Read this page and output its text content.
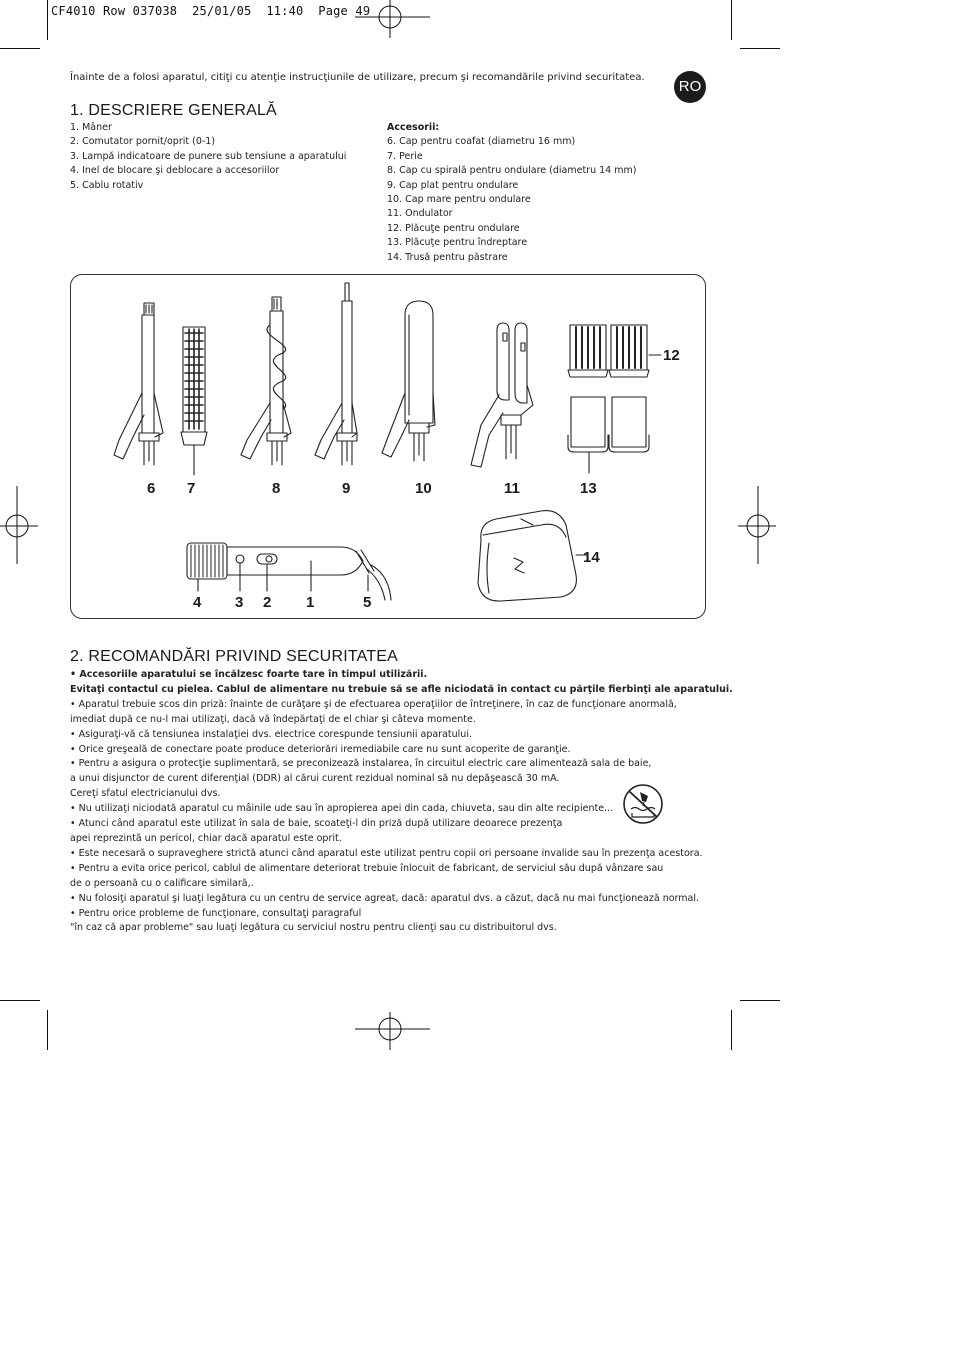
CF4010 Row 037038  25/01/05  11:40  Page 49
Înainte de a folosi aparatul, citiţi cu atenţie instrucţiunile de utilizare, precum şi recomandările privind securitatea.
RO
1. DESCRIERE GENERALĂ
1. Mâner
2. Comutator pornit/oprit (0-1)
3. Lampă indicatoare de punere sub tensiune a aparatului
4. Inel de blocare şi deblocare a accesoriilor
5. Cablu rotativ
Accesorii:
6. Cap pentru coafat (diametru 16 mm)
7. Perie
8. Cap cu spirală pentru ondulare (diametru 14 mm)
9. Cap plat pentru ondulare
10. Cap mare pentru ondulare
11. Ondulator
12. Plăcuţe pentru ondulare
13. Plăcuţe pentru îndreptare
14. Trusă pentru păstrare
6 7	8	9	10	11
12
13
14
4 3 2 1	5
2. RECOMANDĂRI PRIVIND SECURITATEA

• Accesoriile aparatului se încălzesc foarte tare în timpul utilizării.

Evitaţi contactul cu pielea. Cablul de alimentare nu trebuie să se afle niciodată în contact cu părţile fierbinţi ale aparatului.

• Aparatul trebuie scos din priză: înainte de curăţare şi de efectuarea operaţiilor de întreţinere, în caz de funcţionare anormală,

imediat după ce nu-l mai utilizaţi, dacă vă îndepărtaţi de el chiar şi câteva momente.

• Asiguraţi-vă că tensiunea instalaţiei dvs. electrice corespunde tensiunii aparatului.

• Orice greşeală de conectare poate produce deteriorări iremediabile care nu sunt acoperite de garanţie.

• Pentru a asigura o protecţie suplimentară, se preconizează instalarea, în circuitul electric care alimentează sala de baie,

a unui disjunctor de curent diferenţial (DDR) al cărui curent rezidual nominal să nu depăşească 30 mA.

Cereţi sfatul electricianului dvs.

• Nu utilizaţi niciodată aparatul cu mâinile ude sau în apropierea apei din cada, chiuveta, sau din alte recipiente...

• Atunci când aparatul este utilizat în sala de baie, scoateţi-l din priză după utilizare deoarece prezenţa

apei reprezintă un pericol, chiar dacă aparatul este oprit.

• Este necesară o supraveghere strictă atunci când aparatul este utilizat pentru copii ori persoane invalide sau în prezenţa acestora.

• Pentru a evita orice pericol, cablul de alimentare deteriorat trebuie înlocuit de fabricant, de serviciul său după vânzare sau

de o persoană cu o calificare similară,.

• Nu folosiţi aparatul şi luaţi legătura cu un centru de service agreat, dacă: aparatul dvs. a căzut, dacă nu mai funcţionează normal.

• Pentru orice probleme de funcţionare, consultaţi paragraful

"în caz că apar probleme" sau luaţi legătura cu serviciul nostru pentru clienţi sau cu distribuitorul dvs.
